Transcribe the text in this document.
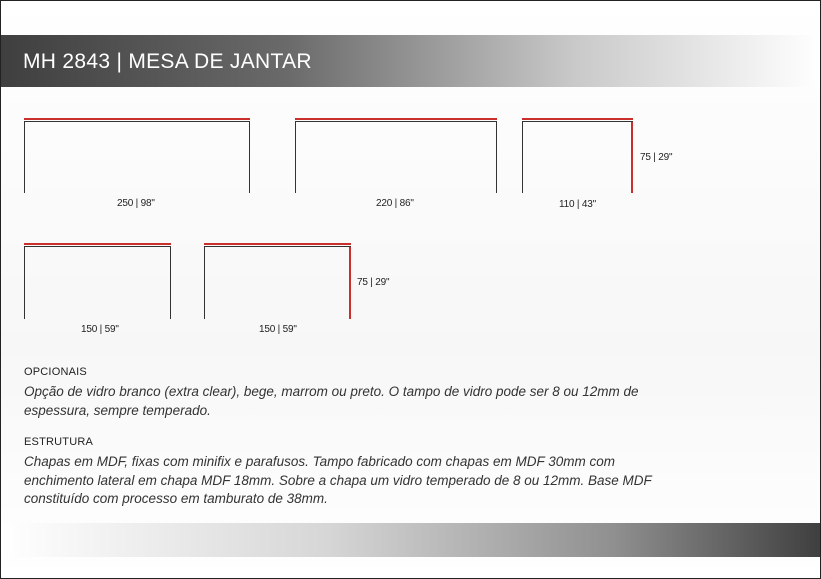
MH 2843 | MESA DE JANTAR
250 | 98"	220 | 86"	110 | 43"
75 | 29"
150 | 59"	150 | 59"
75 | 29"
OPCIONAIS
Opção de vidro branco (extra clear), bege, marrom ou preto. O tampo de vidro pode ser 8 ou 12mm de espessura, sempre temperado.
ESTRUTURA
Chapas em MDF, fixas com minifix e parafusos. Tampo fabricado com chapas em MDF 30mm com enchimento lateral em chapa MDF 18mm. Sobre a chapa um vidro temperado de 8 ou 12mm. Base MDF constituído com processo em tamburato de 38mm.
